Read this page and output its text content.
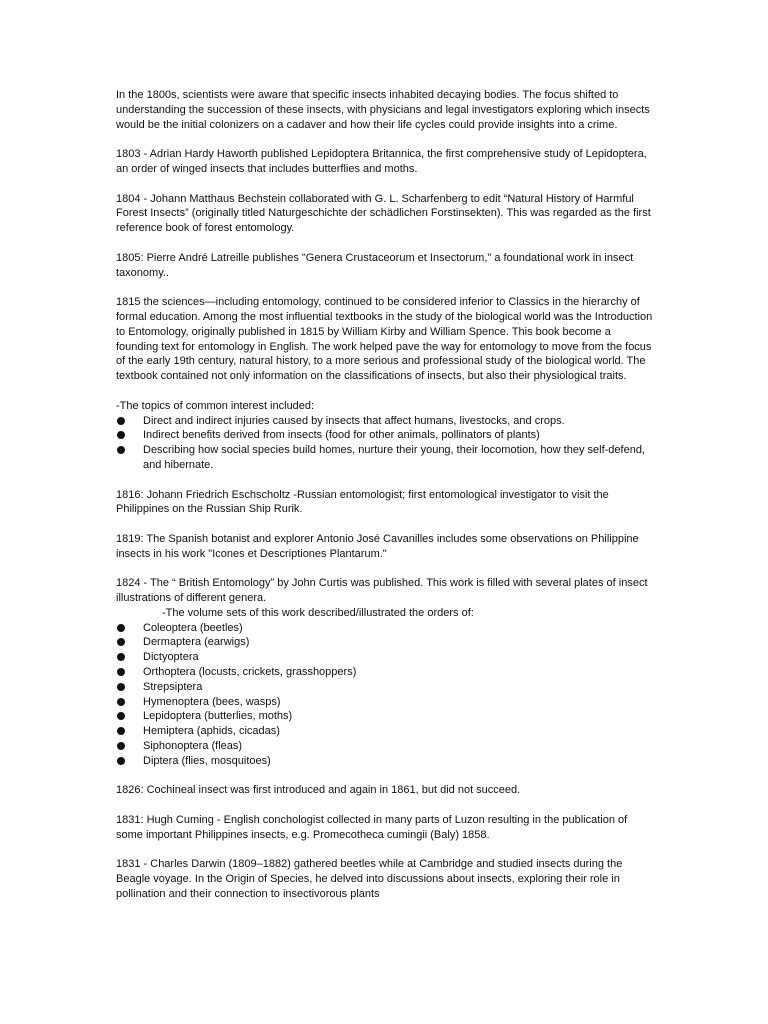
In the 1800s, scientists were aware that specific insects inhabited decaying bodies. The focus shifted to understanding the succession of these insects, with physicians and legal investigators exploring which insects would be the initial colonizers on a cadaver and how their life cycles could provide insights into a crime.

1803 - Adrian Hardy Haworth published Lepidoptera Britannica, the first comprehensive study of Lepidoptera, an order of winged insects that includes butterflies and moths.

1804 - Johann Matthaus Bechstein collaborated with G. L. Scharfenberg to edit “Natural History of Harmful Forest Insects” (originally titled Naturgeschichte der schädlichen Forstinsekten). This was regarded as the first reference book of forest entomology.

1805: Pierre André Latreille publishes "Genera Crustaceorum et Insectorum," a foundational work in insect taxonomy..

1815 the sciences—including entomology, continued to be considered inferior to Classics in the hierarchy of formal education. Among the most influential textbooks in the study of the biological world was the Introduction to Entomology, originally published in 1815 by William Kirby and William Spence. This book become a founding text for entomology in English. The work helped pave the way for entomology to move from the focus of the early 19th century, natural history, to a more serious and professional study of the biological world. The textbook contained not only information on the classifications of insects, but also their physiological traits.

-The topics of common interest included:

Direct and indirect injuries caused by insects that affect humans, livestocks, and crops.
Indirect benefits derived from insects (food for other animals, pollinators of plants)
Describing how social species build homes, nurture their young, their locomotion, how they self-defend, and hibernate.

1816: Johann Friedrich Eschscholtz -Russian entomologist; first entomological investigator to visit the Philippines on the Russian Ship Rurik.

1819: The Spanish botanist and explorer Antonio José Cavanilles includes some observations on Philippine insects in his work "Icones et Descriptiones Plantarum."

1824 - The “ British Entomology” by John Curtis was published. This work is filled with several plates of insect illustrations of different genera.

-The volume sets of this work described/illustrated the orders of:

Coleoptera (beetles)
Dermaptera (earwigs)
Dictyoptera
Orthoptera (locusts, crickets, grasshoppers)
Strepsiptera
Hymenoptera (bees, wasps)
Lepidoptera (butterlies, moths)
Hemiptera (aphids, cicadas)
Siphonoptera (fleas)
Diptera (flies, mosquitoes)

1826: Cochineal insect was first introduced and again in 1861, but did not succeed.

1831: Hugh Cuming - English conchologist collected in many parts of Luzon resulting in the publication of some important Philippines insects, e.g. Promecotheca cumingii (Baly) 1858.

1831 - Charles Darwin (1809–1882) gathered beetles while at Cambridge and studied insects during the Beagle voyage. In the Origin of Species, he delved into discussions about insects, exploring their role in pollination and their connection to insectivorous plants
